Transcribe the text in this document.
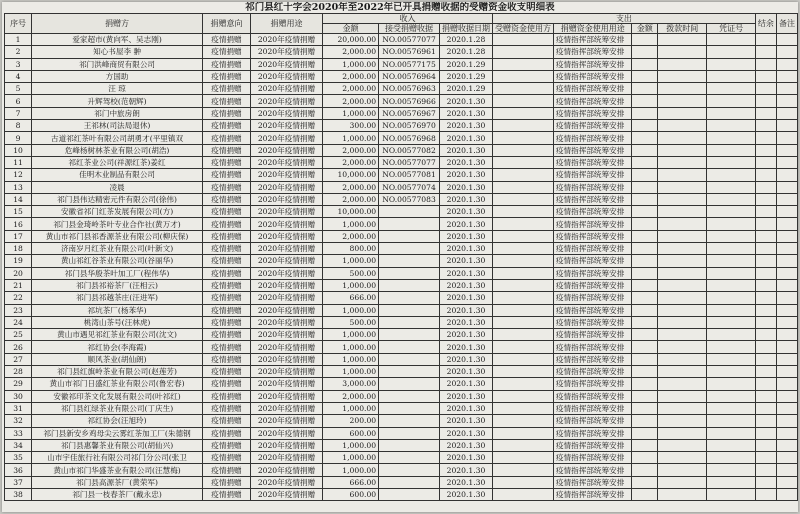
祁门县红十字会2020年至2022年已开具捐赠收据的受赠资金收支明细表
序号	捐赠方	捐赠意向	捐赠用途	收入			支出					结余	备注
				金额	接受捐赠收据	捐赠收据日期	受赠资金使用方	捐赠资金使用用途	金额	拨款时间	凭证号		
1	爱家超市(黄向军、吴志刚)	疫情捐赠	2020年疫情捐赠	20,000.00	NO.00577077	2020.1.28		疫情指挥部统筹安排					
2	知心书屋李 翀	疫情捐赠	2020年疫情捐赠	2,000.00	NO.00576961	2020.1.28		疫情指挥部统筹安排					
3	祁门洪峰商贸有限公司	疫情捐赠	2020年疫情捐赠	1,000.00	NO.00577175	2020.1.29		疫情指挥部统筹安排					
4	方国助	疫情捐赠	2020年疫情捐赠	2,000.00	NO.00576964	2020.1.29		疫情指挥部统筹安排					
5	汪 琼	疫情捐赠	2020年疫情捐赠	2,000.00	NO.00576963	2020.1.29		疫情指挥部统筹安排					
6	升辉驾校(范朝辉)	疫情捐赠	2020年疫情捐赠	2,000.00	NO.00576966	2020.1.30		疫情指挥部统筹安排					
7	祁门中旅房朗	疫情捐赠	2020年疫情捐赠	1,000.00	NO.00576967	2020.1.30		疫情指挥部统筹安排					
8	王祁林(司法局退休)	疫情捐赠	2020年疫情捐赠	300.00	NO.00576970	2020.1.30		疫情指挥部统筹安排					
9	古道祁红茶叶有限公司胡勇才(平里镇双	疫情捐赠	2020年疫情捐赠	1,000.00	NO.00576968	2020.1.30		疫情指挥部统筹安排					
10	危峰杨树林茶业有限公司(胡浩)	疫情捐赠	2020年疫情捐赠	2,000.00	NO.00577082	2020.1.30		疫情指挥部统筹安排					
11	祁红茶业公司(祥源红茶)姜红	疫情捐赠	2020年疫情捐赠	2,000.00	NO.00577077	2020.1.30		疫情指挥部统筹安排					
12	佳明木业制品有限公司	疫情捐赠	2020年疫情捐赠	10,000.00	NO.00577081	2020.1.30		疫情指挥部统筹安排					
13	凌晨	疫情捐赠	2020年疫情捐赠	2,000.00	NO.00577074	2020.1.30		疫情指挥部统筹安排					
14	祁门县伟达精密元件有限公司(徐伟)	疫情捐赠	2020年疫情捐赠	2,000.00	NO.00577083	2020.1.30		疫情指挥部统筹安排					
15	安徽省祁门红茶发展有限公司(方)	疫情捐赠	2020年疫情捐赠	10,000.00		2020.1.30		疫情指挥部统筹安排					
16	祁门县金琦岭茶叶专业合作社(黄万才)	疫情捐赠	2020年疫情捐赠	1,000.00		2020.1.30		疫情指挥部统筹安排					
17	黄山市祁门县祁香源茶业有限公司(柳庆保)	疫情捐赠	2020年疫情捐赠	2,000.00		2020.1.30		疫情指挥部统筹安排					
18	济南岁月红茶业有限公司(叶新文)	疫情捐赠	2020年疫情捐赠	800.00		2020.1.30		疫情指挥部统筹安排					
19	黄山祁红谷茶业有限公司(谷丽华)	疫情捐赠	2020年疫情捐赠	1,000.00		2020.1.30		疫情指挥部统筹安排					
20	祁门县华殷茶叶加工厂(程伟华)	疫情捐赠	2020年疫情捐赠	500.00		2020.1.30		疫情指挥部统筹安排					
21	祁门县祁裕茶厂(汪相云)	疫情捐赠	2020年疫情捐赠	1,000.00		2020.1.30		疫情指挥部统筹安排					
22	祁门县祁越茶庄(汪进军)	疫情捐赠	2020年疫情捐赠	666.00		2020.1.30		疫情指挥部统筹安排					
23	祁坑茶厂(杨苯华)	疫情捐赠	2020年疫情捐赠	1,000.00		2020.1.30		疫情指挥部统筹安排					
24	桃湾山茶号(汪林虎)	疫情捐赠	2020年疫情捐赠	500.00		2020.1.30		疫情指挥部统筹安排					
25	黄山市遇见祁红茶业有限公司(沈文)	疫情捐赠	2020年疫情捐赠	1,000.00		2020.1.30		疫情指挥部统筹安排					
26	祁红协会(李海霞)	疫情捐赠	2020年疫情捐赠	1,000.00		2020.1.30		疫情指挥部统筹安排					
27	顺风茶业(胡仙朗)	疫情捐赠	2020年疫情捐赠	1,000.00		2020.1.30		疫情指挥部统筹安排					
28	祁门县红旗岭茶业有限公司(赵莲芳)	疫情捐赠	2020年疫情捐赠	1,000.00		2020.1.30		疫情指挥部统筹安排					
29	黄山市祁门日盛红茶业有限公司(鲁宏春)	疫情捐赠	2020年疫情捐赠	3,000.00		2020.1.30		疫情指挥部统筹安排					
30	安徽祁印茶文化发展有限公司(叶祁红)	疫情捐赠	2020年疫情捐赠	2,000.00		2020.1.30		疫情指挥部统筹安排					
31	祁门县红绿茶业有限公司(丁庆生)	疫情捐赠	2020年疫情捐赠	1,000.00		2020.1.30		疫情指挥部统筹安排					
32	祁红协会(汪旭玲)	疫情捐赠	2020年疫情捐赠	200.00		2020.1.30		疫情指挥部统筹安排					
33	祁门县新安乡鸡母尖云雾红茶加工厂(朱德钢	疫情捐赠	2020年疫情捐赠	600.00		2020.1.30		疫情指挥部统筹安排					
34	祁门县惠馨茶业有限公司(胡仙兴)	疫情捐赠	2020年疫情捐赠	1,000.00		2020.1.30		疫情指挥部统筹安排					
35	山市宇佳旅行社有限公司祁门分公司(张卫	疫情捐赠	2020年疫情捐赠	1,000.00		2020.1.30		疫情指挥部统筹安排					
36	黄山市祁门华盛茶业有限公司(汪慧梅)	疫情捐赠	2020年疫情捐赠	1,000.00		2020.1.30		疫情指挥部统筹安排					
37	祁门县高源茶厂(黄荣军)	疫情捐赠	2020年疫情捐赠	666.00		2020.1.30		疫情指挥部统筹安排					
38	祁门县一枝春茶厂(戴永忠)	疫情捐赠	2020年疫情捐赠	600.00		2020.1.30		疫情指挥部统筹安排					
